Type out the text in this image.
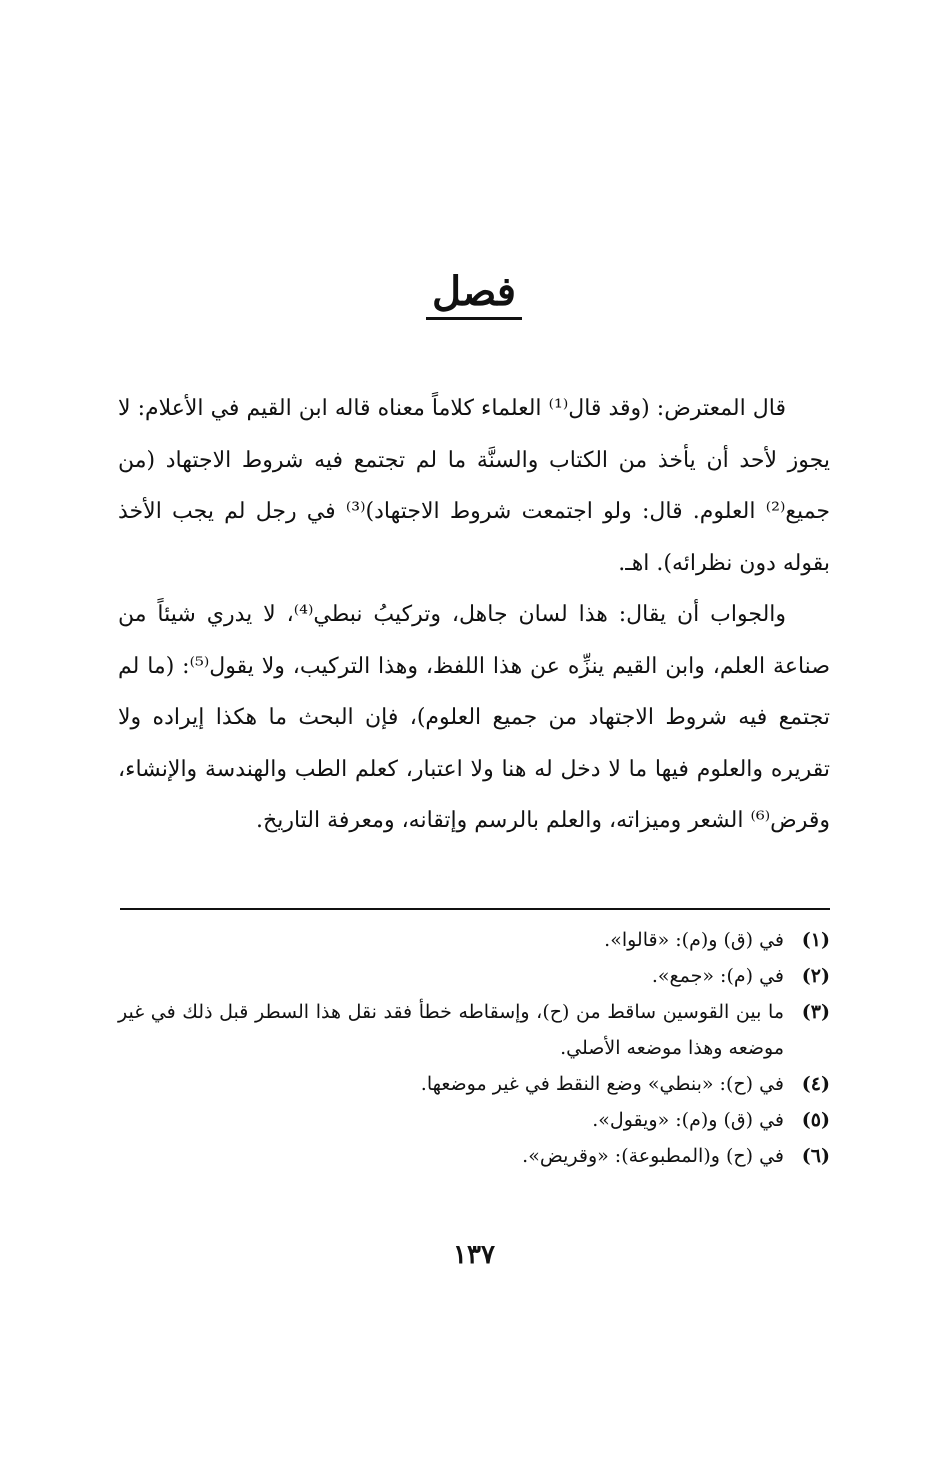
فصل

قال المعترض: (وقد قال⁽¹⁾ العلماء كلاماً معناه قاله ابن القيم في الأعلام: لا يجوز لأحد أن يأخذ من الكتاب والسنَّة ما لم تجتمع فيه شروط الاجتهاد (من جميع⁽²⁾ العلوم. قال: ولو اجتمعت شروط الاجتهاد)⁽³⁾ في رجل لم يجب الأخذ بقوله دون نظرائه). اهـ.

والجواب أن يقال: هذا لسان جاهل، وتركيبُ نبطي⁽⁴⁾، لا يدري شيئاً من صناعة العلم، وابن القيم ينزِّه عن هذا اللفظ، وهذا التركيب، ولا يقول⁽⁵⁾: (ما لم تجتمع فيه شروط الاجتهاد من جميع العلوم)، فإن البحث ما هكذا إيراده ولا تقريره والعلوم فيها ما لا دخل له هنا ولا اعتبار، كعلم الطب والهندسة والإنشاء، وقرض⁽⁶⁾ الشعر وميزاته، والعلم بالرسم وإتقانه، ومعرفة التاريخ.

(١)
في (ق) و(م): «قالوا».
(٢)
في (م): «جمع».
(٣)
ما بين القوسين ساقط من (ح)، وإسقاطه خطأ فقد نقل هذا السطر قبل ذلك في غير موضعه وهذا موضعه الأصلي.
(٤)
في (ح): «بنطي» وضع النقط في غير موضعها.
(٥)
في (ق) و(م): «ويقول».
(٦)
في (ح) و(المطبوعة): «وقريض».
١٣٧
